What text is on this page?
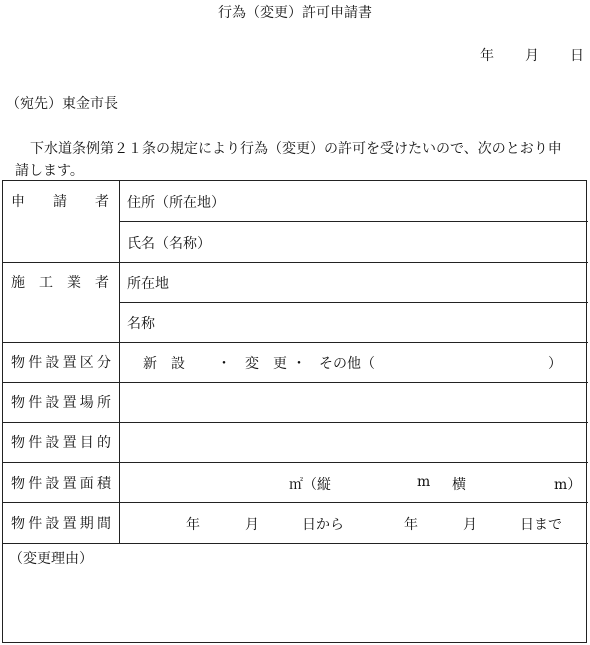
行為（変更）許可申請書
年 月 日
（宛先）東金市長
下水道条例第２１条の規定により行為（変更）の許可を受けたいので、次のとおり申
請します。
申 請 者 住所（所在地）
氏名（名称）
施 工 業 者 所在地
名称
物 件 設 置 区 分 新　設 ・ 変　更 ・ その他（	）
物 件 設 置 場 所
物 件 設 置 目 的
物 件 設 置 面 積	㎡（縦	m 横	m）
物 件 設 置 期 間	年	月	日から	年	月	日まで
（変更理由）
